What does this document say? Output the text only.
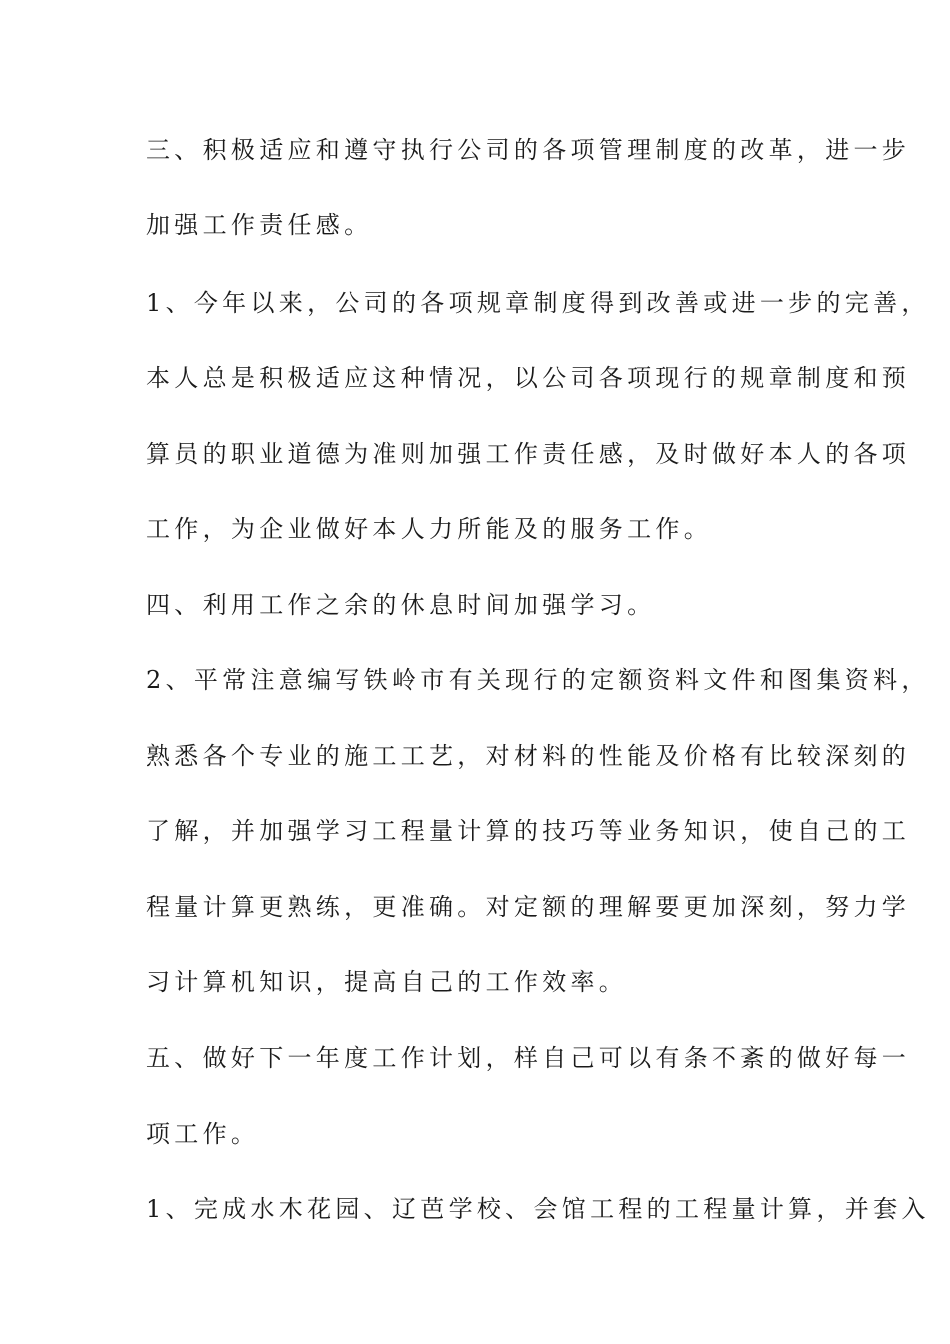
三、积极适应和遵守执行公司的各项管理制度的改革，进一步
加强工作责任感。
1、今年以来，公司的各项规章制度得到改善或进一步的完善，
本人总是积极适应这种情况，以公司各项现行的规章制度和预
算员的职业道德为准则加强工作责任感，及时做好本人的各项
工作，为企业做好本人力所能及的服务工作。
四、利用工作之余的休息时间加强学习。
2、平常注意编写铁岭市有关现行的定额资料文件和图集资料，
熟悉各个专业的施工工艺，对材料的性能及价格有比较深刻的
了解，并加强学习工程量计算的技巧等业务知识，使自己的工
程量计算更熟练，更准确。对定额的理解要更加深刻，努力学
习计算机知识，提高自己的工作效率。
五、做好下一年度工作计划，样自己可以有条不紊的做好每一
项工作。
1、完成水木花园、辽芭学校、会馆工程的工程量计算，并套入
